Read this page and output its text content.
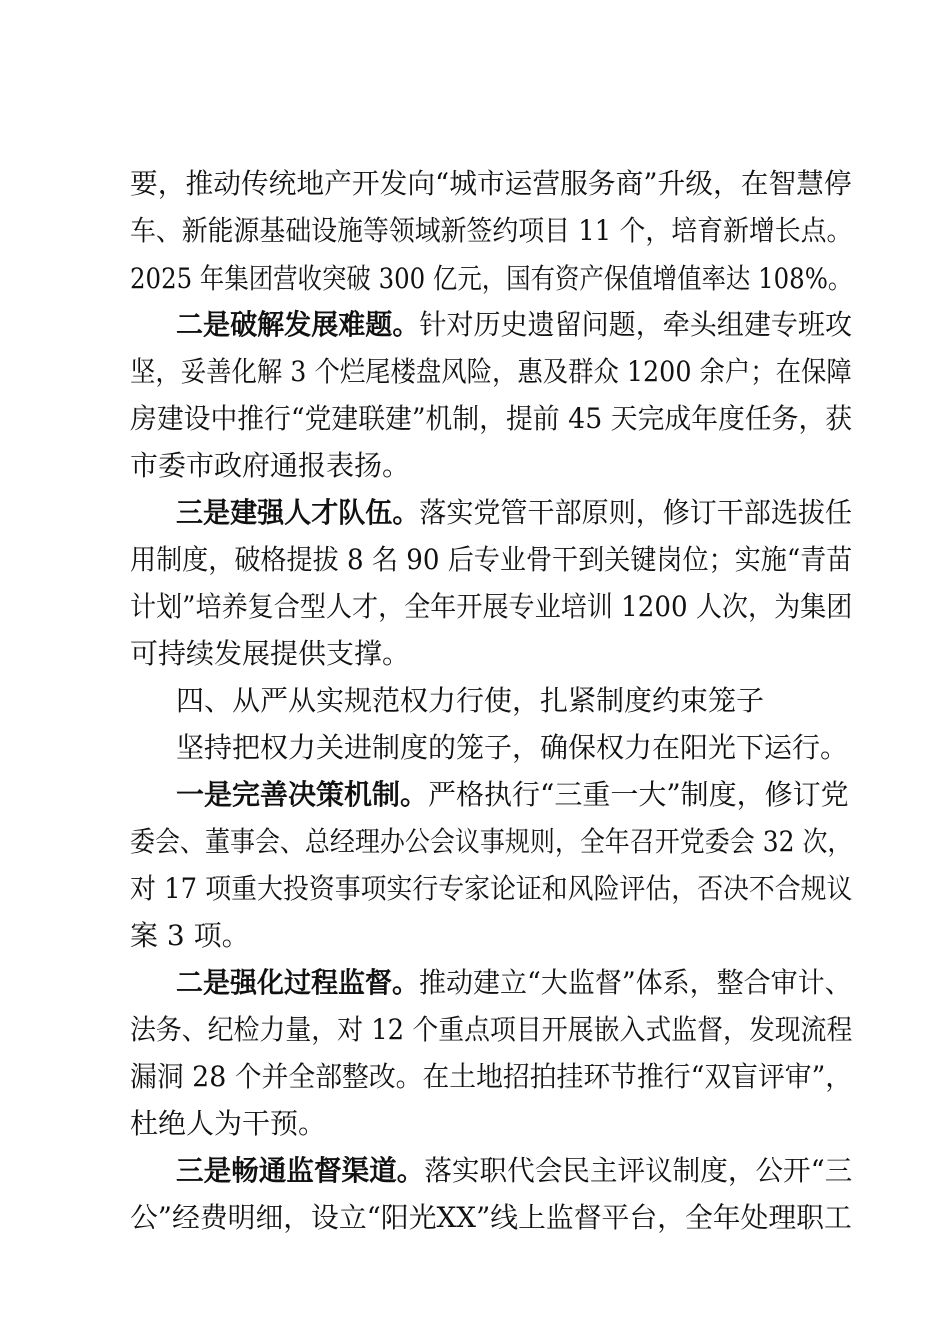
要，推动传统地产开发向“城市运营服务商”升级，在智慧停
车、新能源基础设施等领域新签约项目 11 个，培育新增长点。
2025 年集团营收突破 300 亿元，国有资产保值增值率达 108%。
二是破解发展难题。针对历史遗留问题，牵头组建专班攻
坚，妥善化解 3 个烂尾楼盘风险，惠及群众 1200 余户；在保障
房建设中推行“党建联建”机制，提前 45 天完成年度任务，获
市委市政府通报表扬。
三是建强人才队伍。落实党管干部原则，修订干部选拔任
用制度，破格提拔 8 名 90 后专业骨干到关键岗位；实施“青苗
计划”培养复合型人才，全年开展专业培训 1200 人次，为集团
可持续发展提供支撑。
四、从严从实规范权力行使，扎紧制度约束笼子
坚持把权力关进制度的笼子，确保权力在阳光下运行。
一是完善决策机制。严格执行“三重一大”制度，修订党
委会、董事会、总经理办公会议事规则，全年召开党委会 32 次，
对 17 项重大投资事项实行专家论证和风险评估，否决不合规议
案 3 项。
二是强化过程监督。推动建立“大监督”体系，整合审计、
法务、纪检力量，对 12 个重点项目开展嵌入式监督，发现流程
漏洞 28 个并全部整改。在土地招拍挂环节推行“双盲评审”，
杜绝人为干预。
三是畅通监督渠道。落实职代会民主评议制度，公开“三
公”经费明细，设立“阳光XX”线上监督平台，全年处理职工
